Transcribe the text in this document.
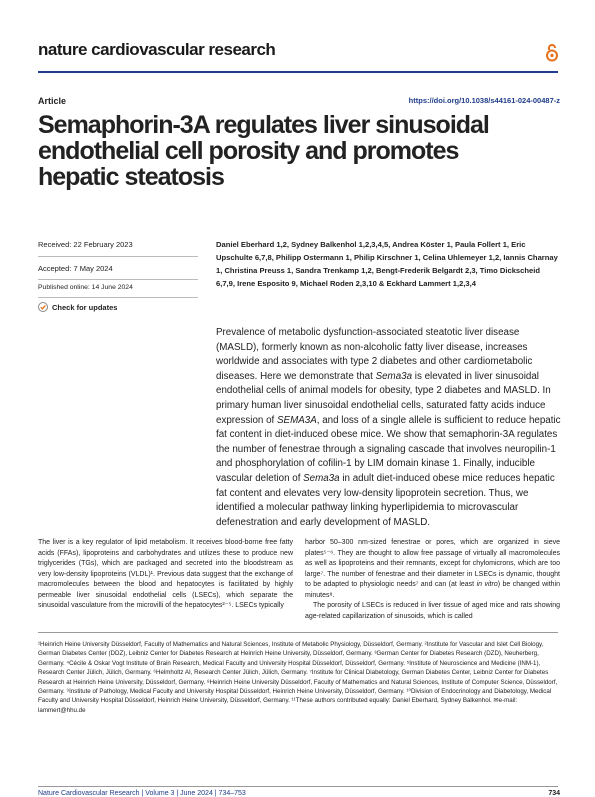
nature cardiovascular research
Article	https://doi.org/10.1038/s44161-024-00487-z
Semaphorin-3A regulates liver sinusoidal endothelial cell porosity and promotes hepatic steatosis
Received: 22 February 2023
Accepted: 7 May 2024
Published online: 14 June 2024
Check for updates
Daniel Eberhard 1,2, Sydney Balkenhol 1,2,3,4,5, Andrea Köster 1, Paula Follert 1, Eric Upschulte 6,7,8, Philipp Ostermann 1, Philip Kirschner 1, Celina Uhlemeyer 1,2, Iannis Charnay 1, Christina Preuss 1, Sandra Trenkamp 1,2, Bengt-Frederik Belgardt 2,3, Timo Dickscheid 6,7,9, Irene Esposito 9, Michael Roden 2,3,10 & Eckhard Lammert 1,2,3,4
Prevalence of metabolic dysfunction-associated steatotic liver disease (MASLD), formerly known as non-alcoholic fatty liver disease, increases worldwide and associates with type 2 diabetes and other cardiometabolic diseases. Here we demonstrate that Sema3a is elevated in liver sinusoidal endothelial cells of animal models for obesity, type 2 diabetes and MASLD. In primary human liver sinusoidal endothelial cells, saturated fatty acids induce expression of SEMA3A, and loss of a single allele is sufficient to reduce hepatic fat content in diet-induced obese mice. We show that semaphorin-3A regulates the number of fenestrae through a signaling cascade that involves neuropilin-1 and phosphorylation of cofilin-1 by LIM domain kinase 1. Finally, inducible vascular deletion of Sema3a in adult diet-induced obese mice reduces hepatic fat content and elevates very low-density lipoprotein secretion. Thus, we identified a molecular pathway linking hyperlipidemia to microvascular defenestration and early development of MASLD.
The liver is a key regulator of lipid metabolism. It receives blood-borne free fatty acids (FFAs), lipoproteins and carbohydrates and utilizes these to produce new triglycerides (TGs), which are packaged and secreted into the bloodstream as very low-density lipoproteins (VLDL)¹. Previous data suggest that the exchange of macromolecules between the blood and hepatocytes is facilitated by highly permeable liver sinusoidal endothelial cells (LSECs), which separate the sinusoidal vasculature from the microvilli of the hepatocytes²⁻⁵. LSECs typically
harbor 50–300 nm-sized fenestrae or pores, which are organized in sieve plates⁵⁻⁶. They are thought to allow free passage of virtually all macromolecules as well as lipoproteins and their remnants, except for chylomicrons, which are too large⁷. The number of fenestrae and their diameter in LSECs is dynamic, thought to be adapted to physiologic needs⁷ and can (at least in vitro) be changed within minutes⁸.
The porosity of LSECs is reduced in liver tissue of aged mice and rats showing age-related capillarization of sinusoids, which is called
¹Heinrich Heine University Düsseldorf, Faculty of Mathematics and Natural Sciences, Institute of Metabolic Physiology, Düsseldorf, Germany. ²Institute for Vascular and Islet Cell Biology, German Diabetes Center (DDZ), Leibniz Center for Diabetes Research at Heinrich Heine University, Düsseldorf, Germany. ³German Center for Diabetes Research (DZD), Neuherberg, Germany. ⁴Cécile & Oskar Vogt Institute of Brain Research, Medical Faculty and University Hospital Düsseldorf, Düsseldorf, Germany. ⁵Institute of Neuroscience and Medicine (INM-1), Research Center Jülich, Jülich, Germany. ⁶Helmholtz AI, Research Center Jülich, Jülich, Germany. ⁷Institute for Clinical Diabetology, German Diabetes Center, Leibniz Center for Diabetes Research at Heinrich Heine University, Düsseldorf, Germany. ⁸Heinrich Heine University Düsseldorf, Faculty of Mathematics and Natural Sciences, Institute of Computer Science, Düsseldorf, Germany. ⁹Institute of Pathology, Medical Faculty and University Hospital Düsseldorf, Heinrich Heine University, Düsseldorf, Germany. ¹⁰Division of Endocrinology and Diabetology, Medical Faculty and University Hospital Düsseldorf, Heinrich Heine University, Düsseldorf, Germany. ¹¹These authors contributed equally: Daniel Eberhard, Sydney Balkenhol. ✉e-mail: lammert@hhu.de
Nature Cardiovascular Research | Volume 3 | June 2024 | 734–753	734
